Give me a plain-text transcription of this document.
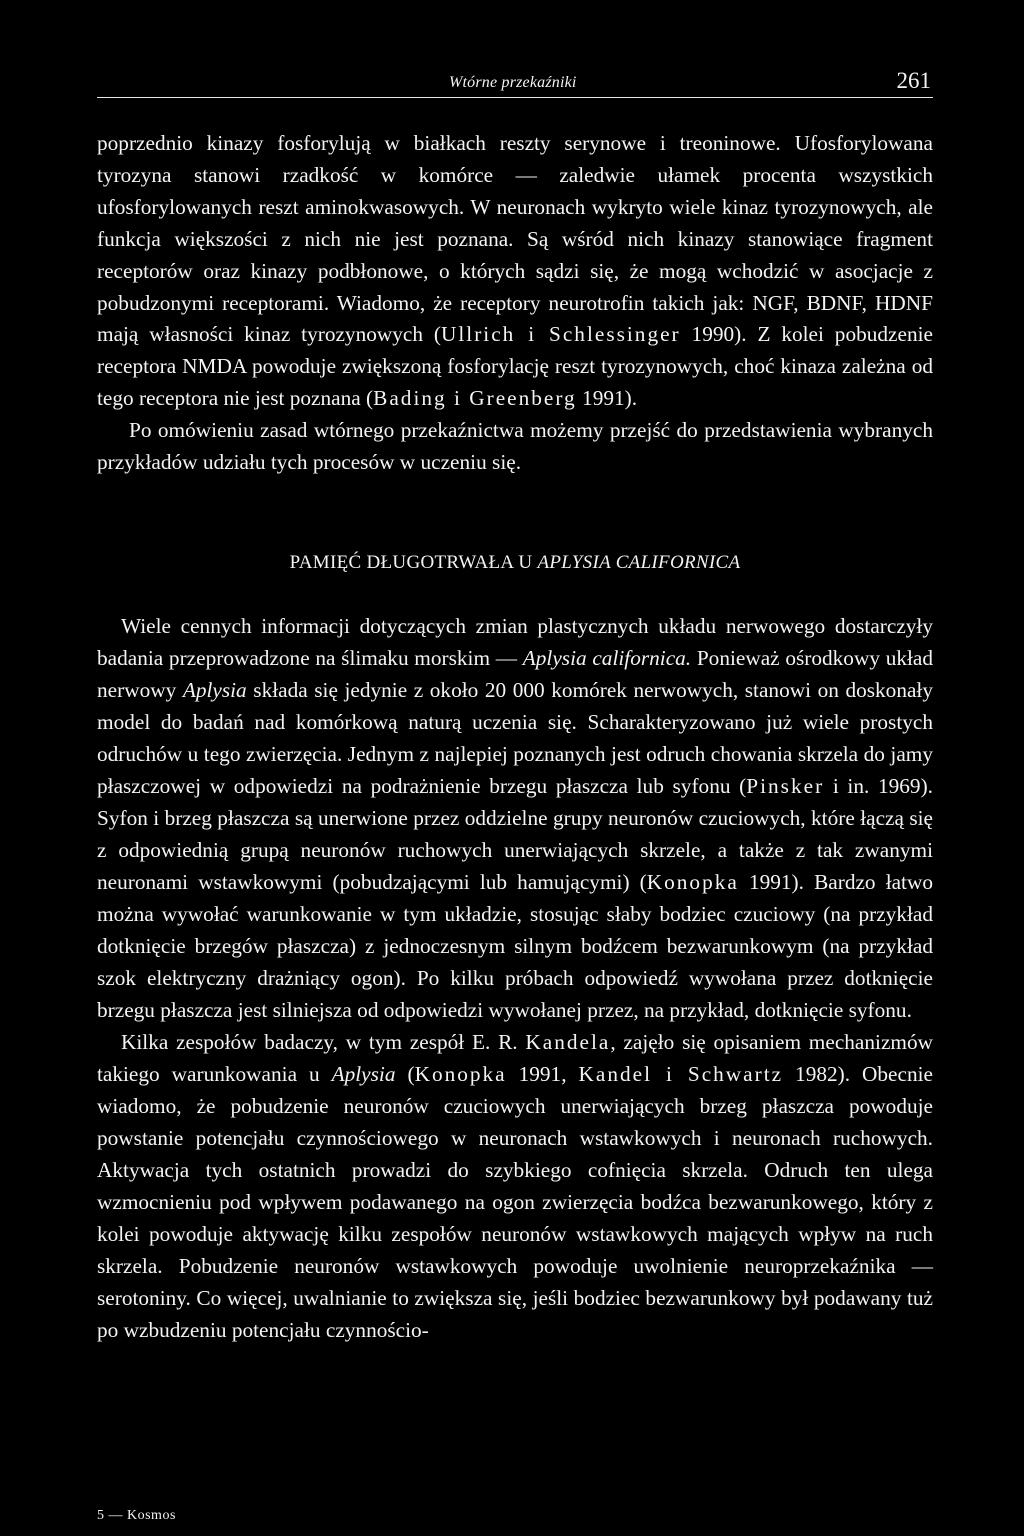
Wtórne przekaźniki	261

poprzednio kinazy fosforylują w białkach reszty serynowe i treoninowe. Ufosforylowana tyrozyna stanowi rzadkość w komórce — zaledwie ułamek procenta wszystkich ufosforylowanych reszt aminokwasowych. W neuronach wykryto wiele kinaz tyrozynowych, ale funkcja większości z nich nie jest poznana. Są wśród nich kinazy stanowiące fragment receptorów oraz kinazy podbłonowe, o których sądzi się, że mogą wchodzić w asocjacje z pobudzonymi receptorami. Wiadomo, że receptory neurotrofin takich jak: NGF, BDNF, HDNF mają własności kinaz tyrozynowych (Ullrich i Schlessinger 1990). Z kolei pobudzenie receptora NMDA powoduje zwiększoną fosforylację reszt tyrozynowych, choć kinaza zależna od tego receptora nie jest poznana (Bading i Greenberg 1991).

Po omówieniu zasad wtórnego przekaźnictwa możemy przejść do przedstawienia wybranych przykładów udziału tych procesów w uczeniu się.

PAMIĘĆ DŁUGOTRWAŁA U APLYSIA CALIFORNICA

Wiele cennych informacji dotyczących zmian plastycznych układu nerwowego dostarczyły badania przeprowadzone na ślimaku morskim — Aplysia californica. Ponieważ ośrodkowy układ nerwowy Aplysia składa się jedynie z około 20 000 komórek nerwowych, stanowi on doskonały model do badań nad komórkową naturą uczenia się. Scharakteryzowano już wiele prostych odruchów u tego zwierzęcia. Jednym z najlepiej poznanych jest odruch chowania skrzela do jamy płaszczowej w odpowiedzi na podrażnienie brzegu płaszcza lub syfonu (Pinsker i in. 1969). Syfon i brzeg płaszcza są unerwione przez oddzielne grupy neuronów czuciowych, które łączą się z odpowiednią grupą neuronów ruchowych unerwiających skrzele, a także z tak zwanymi neuronami wstawkowymi (pobudzającymi lub hamującymi) (Konopka 1991). Bardzo łatwo można wywołać warunkowanie w tym układzie, stosując słaby bodziec czuciowy (na przykład dotknięcie brzegów płaszcza) z jednoczesnym silnym bodźcem bezwarunkowym (na przykład szok elektryczny drażniący ogon). Po kilku próbach odpowiedź wywołana przez dotknięcie brzegu płaszcza jest silniejsza od odpowiedzi wywołanej przez, na przykład, dotknięcie syfonu.

Kilka zespołów badaczy, w tym zespół E. R. Kandela, zajęło się opisaniem mechanizmów takiego warunkowania u Aplysia (Konopka 1991, Kandel i Schwartz 1982). Obecnie wiadomo, że pobudzenie neuronów czuciowych unerwiających brzeg płaszcza powoduje powstanie potencjału czynnościowego w neuronach wstawkowych i neuronach ruchowych. Aktywacja tych ostatnich prowadzi do szybkiego cofnięcia skrzela. Odruch ten ulega wzmocnieniu pod wpływem podawanego na ogon zwierzęcia bodźca bezwarunkowego, który z kolei powoduje aktywację kilku zespołów neuronów wstawkowych mających wpływ na ruch skrzela. Pobudzenie neuronów wstawkowych powoduje uwolnienie neuroprzekaźnika — serotoniny. Co więcej, uwalnianie to zwiększa się, jeśli bodziec bezwarunkowy był podawany tuż po wzbudzeniu potencjału czynnościo-

5 — Kosmos
